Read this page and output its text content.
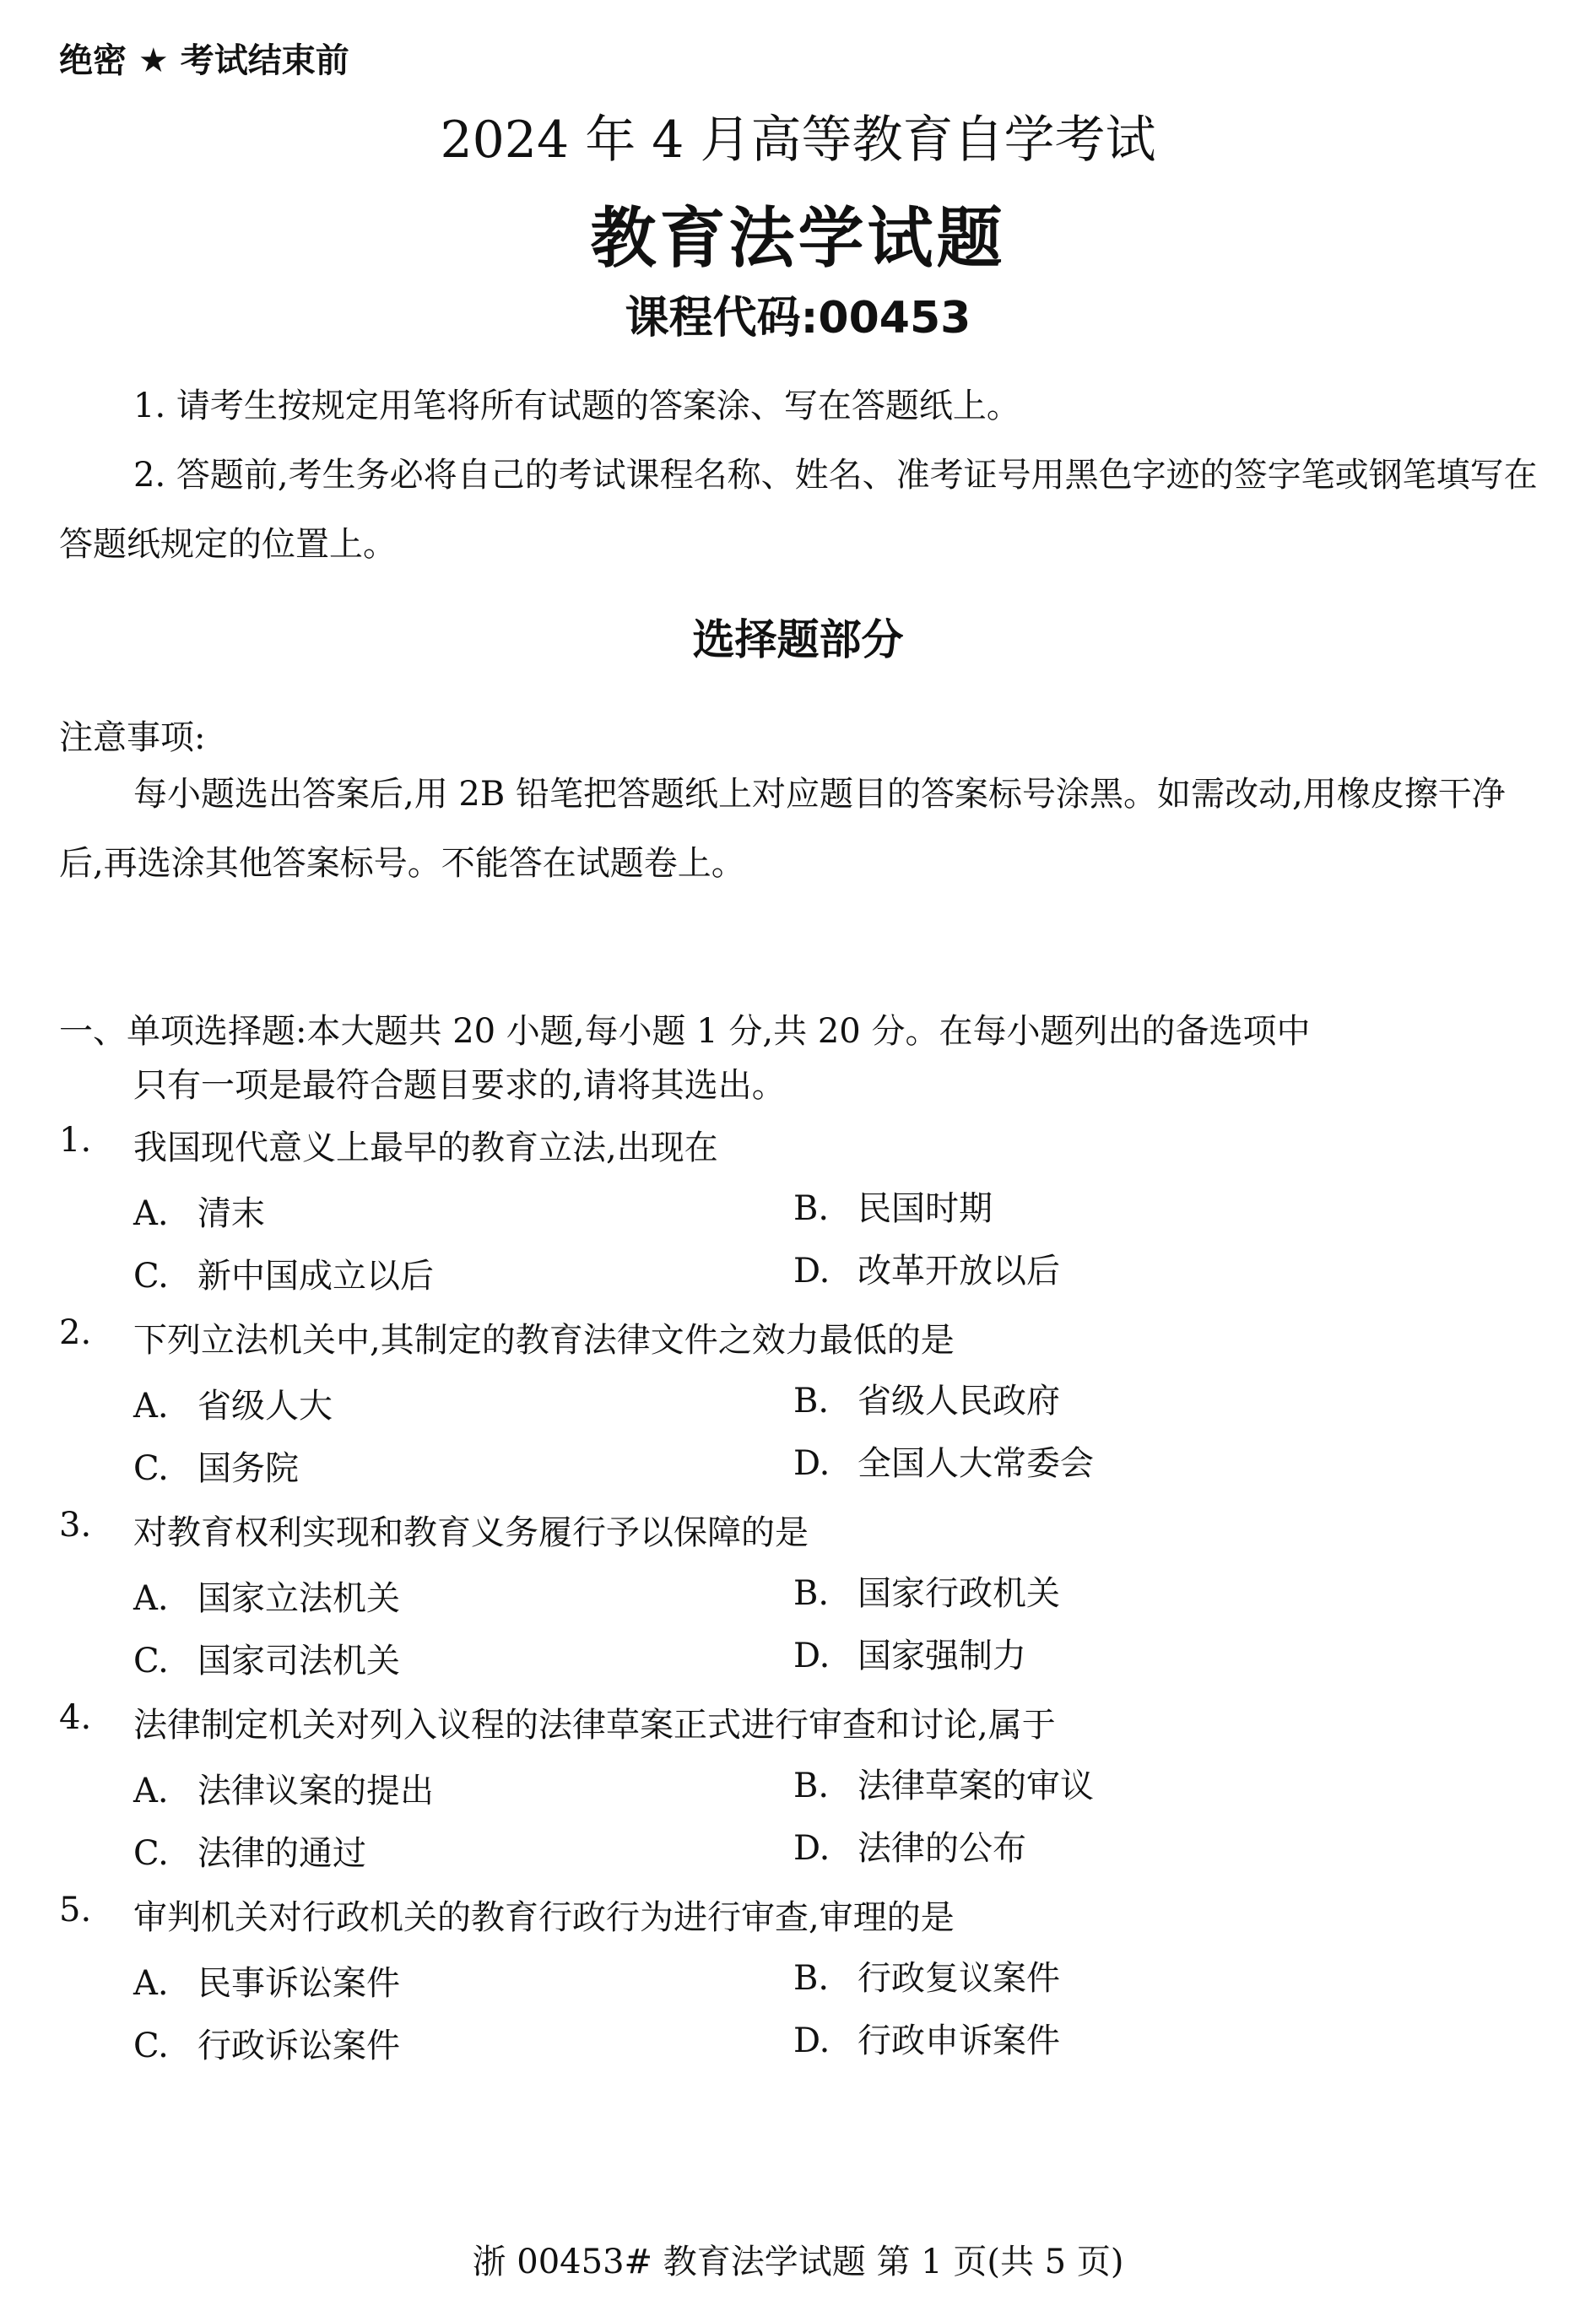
绝密 ★ 考试结束前
2024 年 4 月高等教育自学考试
教育法学试题
课程代码:00453

1. 请考生按规定用笔将所有试题的答案涂、写在答题纸上。

2. 答题前,考生务必将自己的考试课程名称、姓名、准考证号用黑色字迹的签字笔或钢笔填写在答题纸规定的位置上。

选择题部分
注意事项:

每小题选出答案后,用 2B 铅笔把答题纸上对应题目的答案标号涂黑。如需改动,用橡皮擦干净后,再选涂其他答案标号。不能答在试题卷上。

一、单项选择题:本大题共 20 小题,每小题 1 分,共 20 分。在每小题列出的备选项中
只有一项是最符合题目要求的,请将其选出。
1. 我国现代意义上最早的教育立法,出现在
A. 清末	B. 民国时期
C. 新中国成立以后	D. 改革开放以后
2. 下列立法机关中,其制定的教育法律文件之效力最低的是
A. 省级人大	B. 省级人民政府
C. 国务院	D. 全国人大常委会
3. 对教育权利实现和教育义务履行予以保障的是
A. 国家立法机关	B. 国家行政机关
C. 国家司法机关	D. 国家强制力
4. 法律制定机关对列入议程的法律草案正式进行审查和讨论,属于
A. 法律议案的提出	B. 法律草案的审议
C. 法律的通过	D. 法律的公布
5. 审判机关对行政机关的教育行政行为进行审查,审理的是
A. 民事诉讼案件	B. 行政复议案件
C. 行政诉讼案件	D. 行政申诉案件
浙 00453# 教育法学试题 第 1 页(共 5 页)
